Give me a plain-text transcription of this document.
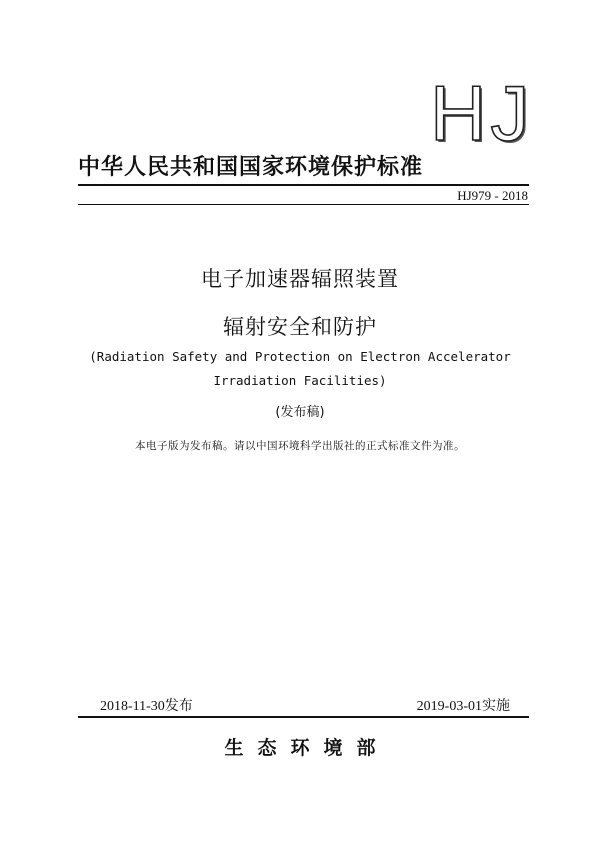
HJ
中华人民共和国国家环境保护标准
HJ979 - 2018
电子加速器辐照装置
辐射安全和防护
(Radiation Safety and Protection on Electron Accelerator
Irradiation Facilities)
(发布稿)
本电子版为发布稿。请以中国环境科学出版社的正式标准文件为准。
2018-11-30发布	2019-03-01实施
生态环境部
